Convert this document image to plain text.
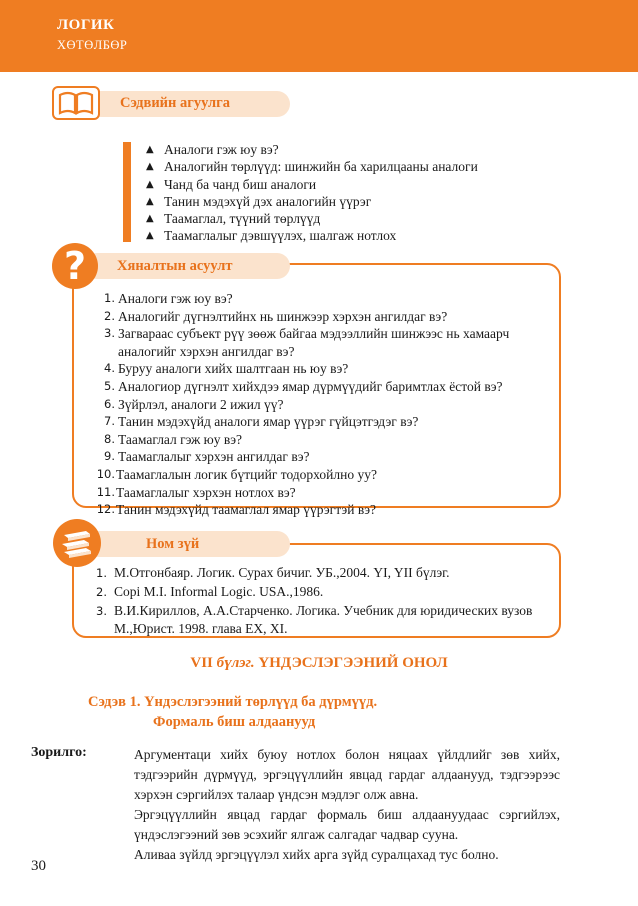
ЛОГИК
ХӨТӨЛБӨР
Сэдвийн агуулга
▲ Аналоги гэж юу вэ?
▲ Аналогийн төрлүүд: шинжийн ба харилцааны аналоги
▲ Чанд ба чанд биш аналоги
▲ Танин мэдэхүй дэх аналогийн үүрэг
▲ Таамаглал, түүний төрлүүд
▲ Таамаглалыг дэвшүүлэх, шалгаж нотлох
?	Хяналтын асуулт
1. Аналоги гэж юу вэ?
2. Аналогийг дүгнэлтийнх нь шинжээр хэрхэн ангилдаг вэ?
3. Загвараас субъект рүү зөөж байгаа мэдээллийн шинжээс нь хамаарч
аналогийг хэрхэн ангилдаг вэ?
4. Буруу аналоги хийх шалтгаан нь юу вэ?
5. Аналогиор дүгнэлт хийхдээ ямар дүрмүүдийг баримтлах ёстой вэ?
6. Зүйрлэл, аналоги 2 ижил үү?
7. Танин мэдэхүйд аналоги ямар үүрэг гүйцэтгэдэг вэ?
8. Таамаглал гэж юу вэ?
9. Таамаглалыг хэрхэн ангилдаг вэ?
10. Таамаглалын логик бүтцийг тодорхойлно уу?
11. Таамаглалыг хэрхэн нотлох вэ?
12. Танин мэдэхүйд таамаглал ямар үүрэгтэй вэ?
Ном зүй
1. М.Отгонбаяр. Логик. Сурах бичиг. УБ.,2004. YI, YII бүлэг.
2. Copi M.I. Informal Logic. USA.,1986.
3. В.И.Кириллов, А.А.Старченко. Логика. Учебник для юридических вузов
М.,Юрист. 1998. глава ЕХ, XI.
VII бүлэг. ҮНДЭСЛЭГЭЭНИЙ ОНОЛ
Сэдэв 1. Үндэслэгээний төрлүүд ба дүрмүүд.
Формаль биш алдаанууд
Зорилго:	Аргументаци хийх буюу нотлох болон няцаах үйлдлийг зөв хийх, тэдгээрийн дүрмүүд, эргэцүүллийн явцад гардаг алдаанууд, тэдгээрээс хэрхэн сэргийлэх талаар үндсэн мэдлэг олж авна.

Эргэцүүллийн явцад гардаг формаль биш алдаануудаас сэргийлэх, үндэслэгээний зөв эсэхийг ялгаж салгадаг чадвар сууна.

Аливаа зүйлд эргэцүүлэл хийх арга зүйд суралцахад тус болно.

30
